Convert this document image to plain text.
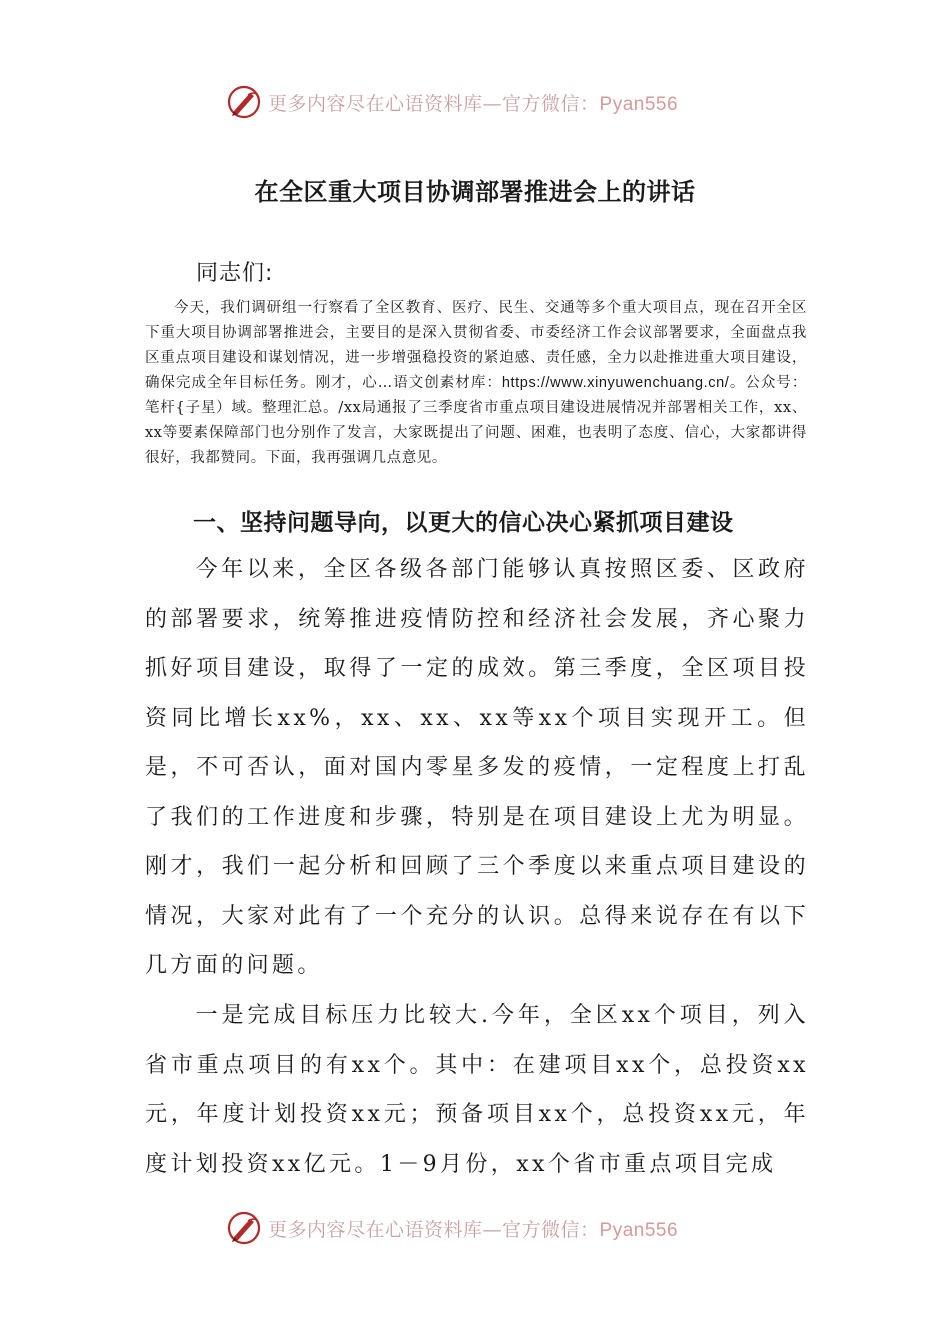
更多内容尽在心语资料库—官方微信：Pyan556
在全区重大项目协调部署推进会上的讲话
同志们:

今天，我们调研组一行察看了全区教育、医疗、民生、交通等多个重大项目点，现在召开全区下重大项目协调部署推进会，主要目的是深入贯彻省委、市委经济工作会议部署要求，全面盘点我区重点项目建设和谋划情况，进一步增强稳投资的紧迫感、责任感，全力以赴推进重大项目建设，确保完成全年目标任务。刚才，心…语文创素材库：https://www.xinyuwenchuang.cn/。公众号：笔杆{子星）域。整理汇总。/xx局通报了三季度省市重点项目建设进展情况并部署相关工作，xx、xx等要素保障部门也分别作了发言，大家既提出了问题、困难，也表明了态度、信心，大家都讲得很好，我都赞同。下面，我再强调几点意见。

一、坚持问题导向，以更大的信心决心紧抓项目建设

今年以来，全区各级各部门能够认真按照区委、区政府的部署要求，统筹推进疫情防控和经济社会发展，齐心聚力抓好项目建设，取得了一定的成效。第三季度，全区项目投资同比增长xx%，xx、xx、xx等xx个项目实现开工。但是，不可否认，面对国内零星多发的疫情，一定程度上打乱了我们的工作进度和步骤，特别是在项目建设上尤为明显。刚才，我们一起分析和回顾了三个季度以来重点项目建设的情况，大家对此有了一个充分的认识。总得来说存在有以下几方面的问题。

一是完成目标压力比较大.今年，全区xx个项目，列入省市重点项目的有xx个。其中：在建项目xx个，总投资xx元，年度计划投资xx元；预备项目xx个，总投资xx元，年度计划投资xx亿元。1－9月份，xx个省市重点项目完成

更多内容尽在心语资料库—官方微信：Pyan556
